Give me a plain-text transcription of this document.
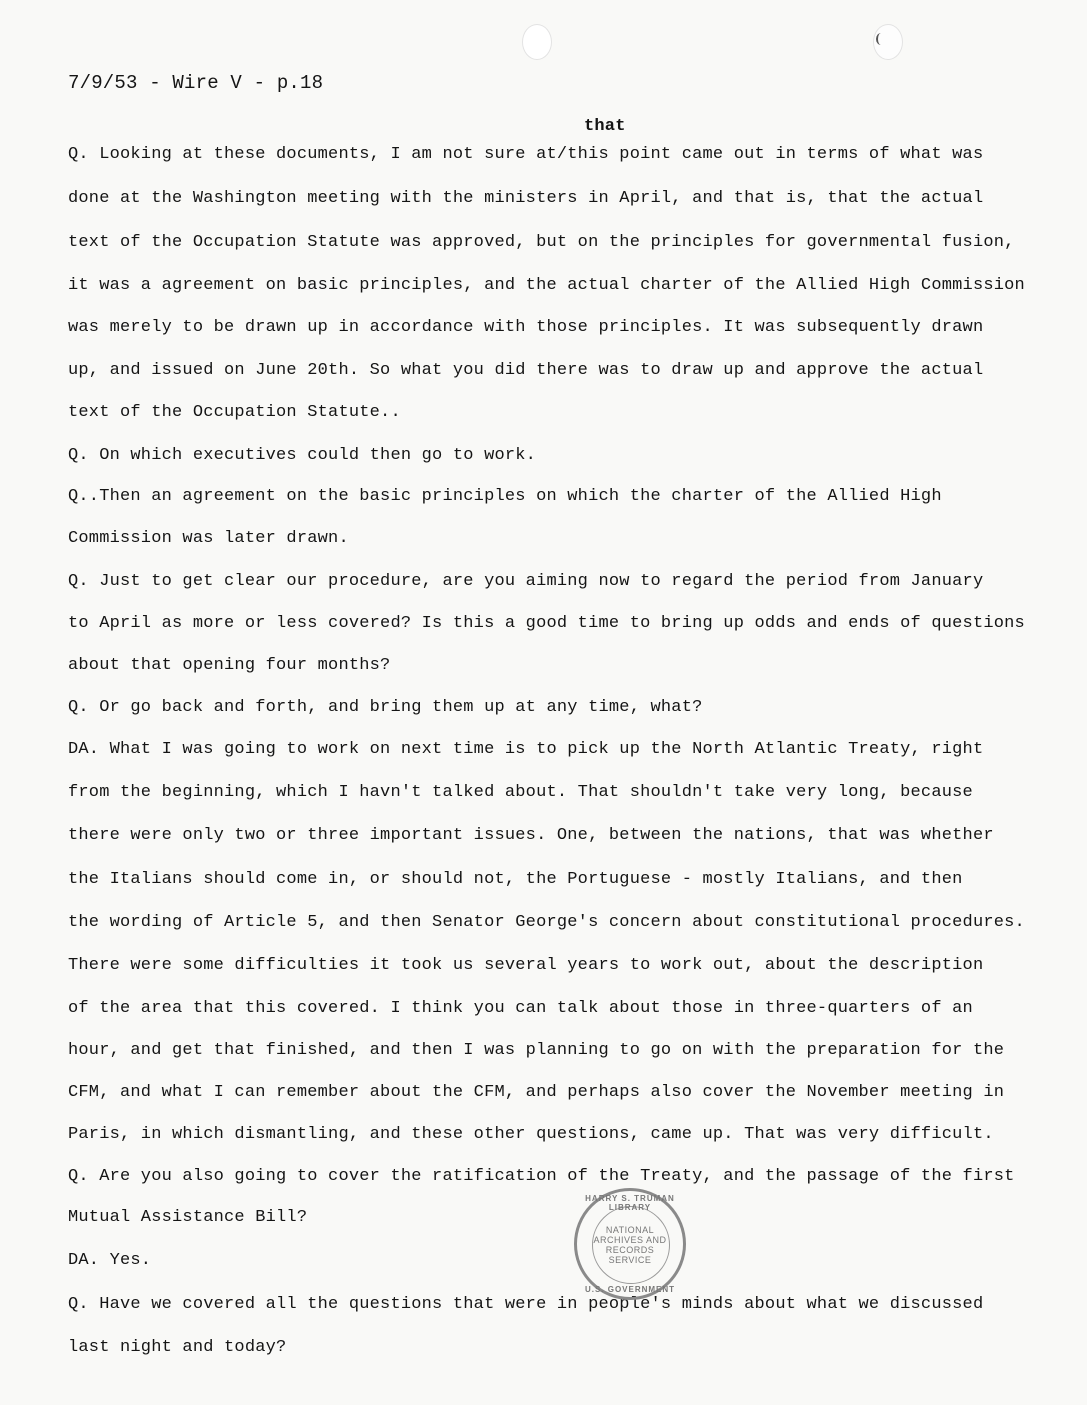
7/9/53 - Wire V - p.18
that
Q. Looking at these documents, I am not sure at/this point came out in terms of what was
done at the Washington meeting with the ministers in April, and that is, that the actual
text of the Occupation Statute was approved, but on the principles for governmental fusion,
it was a agreement on basic principles, and the actual charter of the Allied High Commission
was merely to be drawn up in accordance with those principles. It was subsequently drawn
up, and issued on June 20th. So what you did there was to draw up and approve the actual
text of the Occupation Statute..
Q. On which executives could then go to work.
Q..Then an agreement on the basic principles on which the charter of the Allied High
Commission was later drawn.
Q. Just to get clear our procedure, are you aiming now to regard the period from January
to April as more or less covered? Is this a good time to bring up odds and ends of questions
about that opening four months?
Q. Or go back and forth, and bring them up at any time, what?
DA. What I was going to work on next time is to pick up the North Atlantic Treaty, right
from the beginning, which I havn't talked about. That shouldn't take very long, because
there were only two or three important issues. One, between the nations, that was whether
the Italians should come in, or should not, the Portuguese - mostly Italians, and then
the wording of Article 5, and then Senator George's concern about constitutional procedures.
There were some difficulties it took us several years to work out, about the description
of the area that this covered. I think you can talk about those in three-quarters of an
hour, and get that finished, and then I was planning to go on with the preparation for the
CFM, and what I can remember about the CFM, and perhaps also cover the November meeting in
Paris, in which dismantling, and these other questions, came up. That was very difficult.
Q. Are you also going to cover the ratification of the Treaty, and the passage of the first
Mutual Assistance Bill?
DA. Yes.
Q. Have we covered all the questions that were in people's minds about what we discussed
last night and today?
HARRY S. TRUMAN LIBRARY
NATIONAL
ARCHIVES AND
RECORDS
SERVICE
U.S. GOVERNMENT
